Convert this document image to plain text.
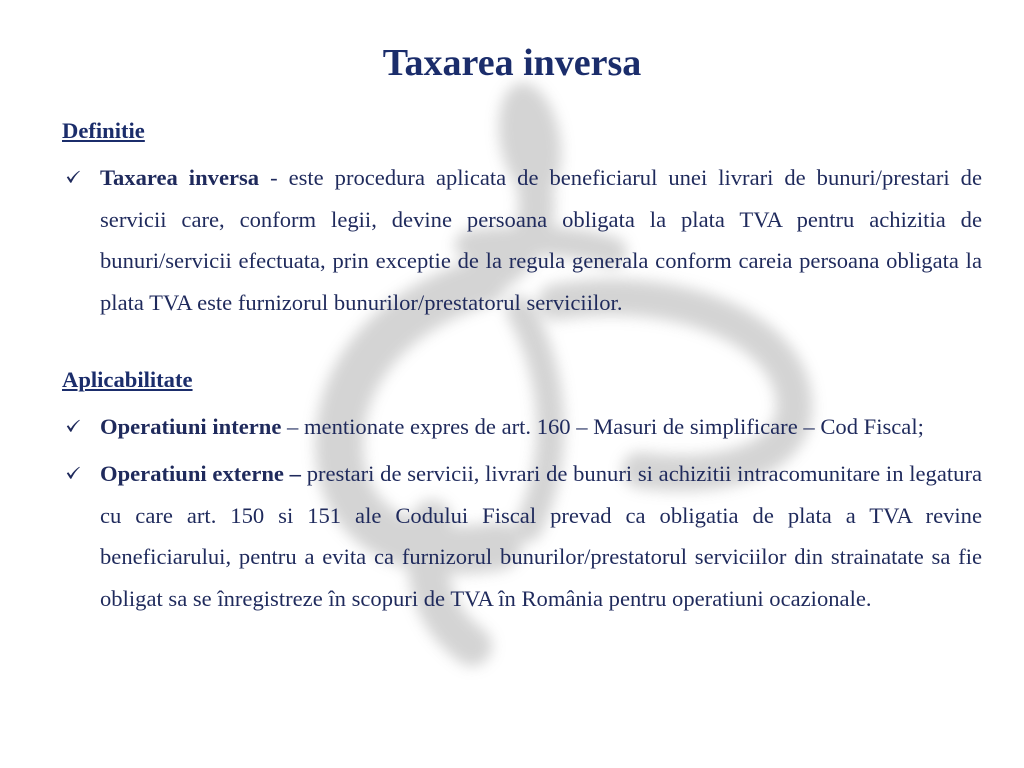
Taxarea inversa
Definitie

Taxarea inversa - este procedura aplicata de beneficiarul unei livrari de bunuri/prestari de servicii care, conform legii, devine persoana obligata la plata TVA pentru achizitia de bunuri/servicii efectuata, prin exceptie de la regula generala conform careia persoana obligata la plata TVA este furnizorul bunurilor/prestatorul serviciilor.

Aplicabilitate

Operatiuni interne – mentionate expres de art. 160 – Masuri de simplificare – Cod Fiscal;

Operatiuni externe – prestari de servicii, livrari de bunuri si achizitii intracomunitare in legatura cu care art. 150 si 151 ale Codului Fiscal prevad ca obligatia de plata a TVA revine beneficiarului, pentru a evita ca furnizorul bunurilor/prestatorul serviciilor din strainatate sa fie obligat sa se înregistreze în scopuri de TVA în România pentru operatiuni ocazionale.
